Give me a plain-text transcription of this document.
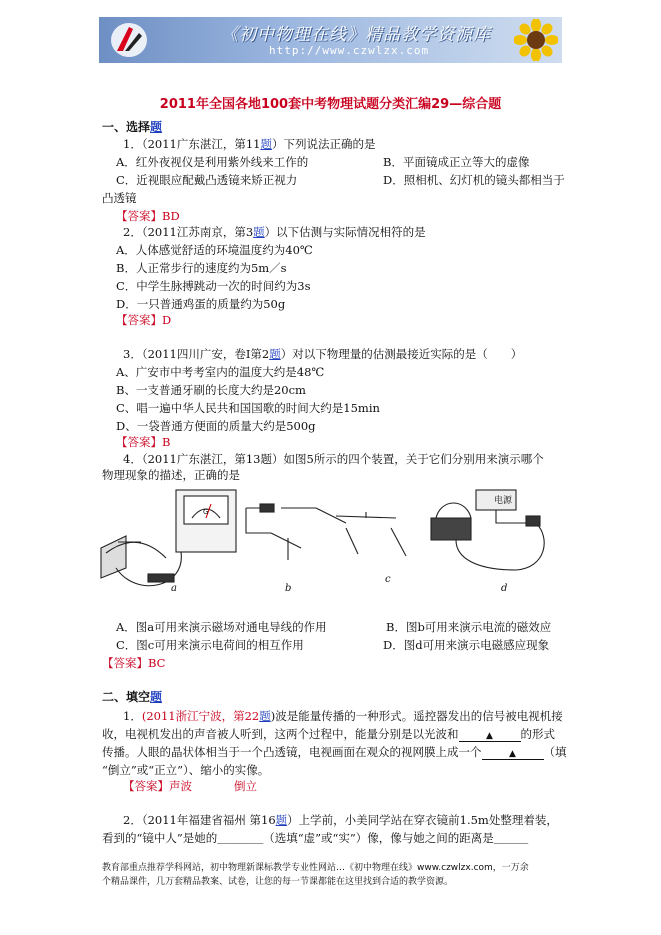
《初中物理在线》精品教学资源库
http://www.czwlzx.com
2011年全国各地100套中考物理试题分类汇编29—综合题
一、选择题
1．（2011广东湛江，第11题）下列说法正确的是
A．红外夜视仪是利用紫外线来工作的	B．平面镜成正立等大的虚像
C．近视眼应配戴凸透镜来矫正视力	D．照相机、幻灯机的镜头都相当于
凸透镜
【答案】BD
2．（2011江苏南京，第3题）以下估测与实际情况相符的是
A．人体感觉舒适的环境温度约为40℃
B．人正常步行的速度约为5m／s
C．中学生脉搏跳动一次的时间约为3s
D．一只普通鸡蛋的质量约为50g
【答案】D
3．（2011四川广安，卷Ⅰ第2题）对以下物理量的估测最接近实际的是（　　）
A、广安市中考考室内的温度大约是48℃
B、一支普通牙刷的长度大约是20cm
C、唱一遍中华人民共和国国歌的时间大约是15min
D、一袋普通方便面的质量大约是500g
【答案】B
4．（2011广东湛江，第13题）如图5所示的四个装置，关于它们分别用来演示哪个
物理现象的描述，正确的是
电源
G
a	b
c
d
A．图a可用来演示磁场对通电导线的作用	B．图b可用来演示电流的磁效应
C．图c可用来演示电荷间的相互作用	D．图d可用来演示电磁感应现象
【答案】BC
二、填空题
1．(2011浙江宁波，第22题)波是能量传播的一种形式。遥控器发出的信号被电视机接
收，电视机发出的声音被人听到，这两个过程中，能量分别是以光波和	▲ 的形式
传播。人眼的晶状体相当于一个凸透镜，电视画面在观众的视网膜上成一个	▲ （填
“倒立”或“正立”）、缩小的实像。
【答案】声波	倒立
2．（2011年福建省福州 第16题）上学前，小美同学站在穿衣镜前1.5m处整理着装，
看到的“镜中人”是她的＿＿＿＿（选填“虚”或“实”）像，像与她之间的距离是＿＿＿
教育部重点推荐学科网站，初中物理新课标教学专业性网站…《初中物理在线》www.czwlzx.com，一万余
个精品课件，几万套精品教案、试卷，让您的每一节课都能在这里找到合适的教学资源。
